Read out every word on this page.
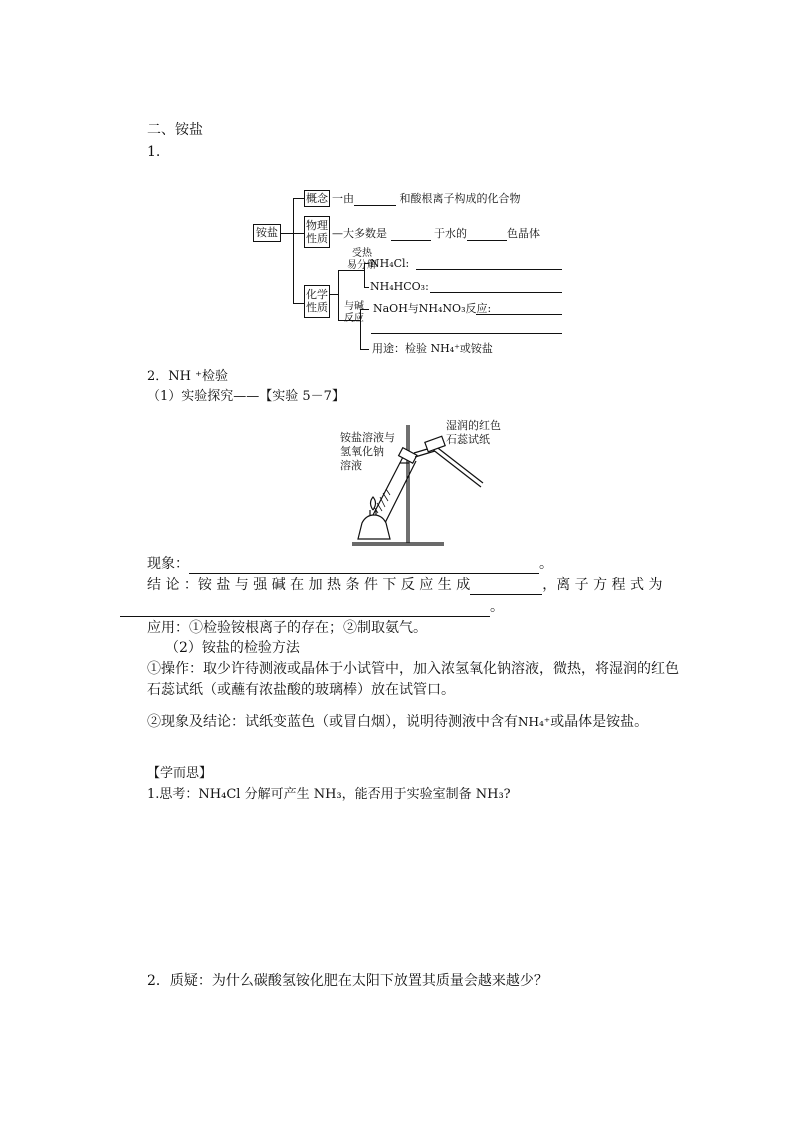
二、铵盐
1.
铵盐
概念 一由	和酸根离子构成的化合物
物理
性质 —大多数是	于水的	色晶体
化学
性质
受热
易分解
NH₄Cl:
NH₄HCO₃:
与碱
反应
NaOH与NH₄NO₃反应:
用途：检验 NH₄⁺或铵盐
2．NH ⁺检验
（1）实验探究——【实验 5－7】
铵盐溶液与
氢氧化钠
溶液
湿润的红色
石蕊试纸
现象：	。
结 论 ：铵 盐 与 强 碱 在 加 热 条 件 下 反 应 生 成	，离 子 方 程 式 为
。
应用：①检验铵根离子的存在；②制取氨气。
（2）铵盐的检验方法
①操作：取少许待测液或晶体于小试管中，加入浓氢氧化钠溶液，微热，将湿润的红色
石蕊试纸（或蘸有浓盐酸的玻璃棒）放在试管口。
②现象及结论：试纸变蓝色（或冒白烟），说明待测液中含有NH₄⁺或晶体是铵盐。
【学而思】
1.思考：NH₄Cl 分解可产生 NH₃，能否用于实验室制备 NH₃?
2．质疑：为什么碳酸氢铵化肥在太阳下放置其质量会越来越少？
